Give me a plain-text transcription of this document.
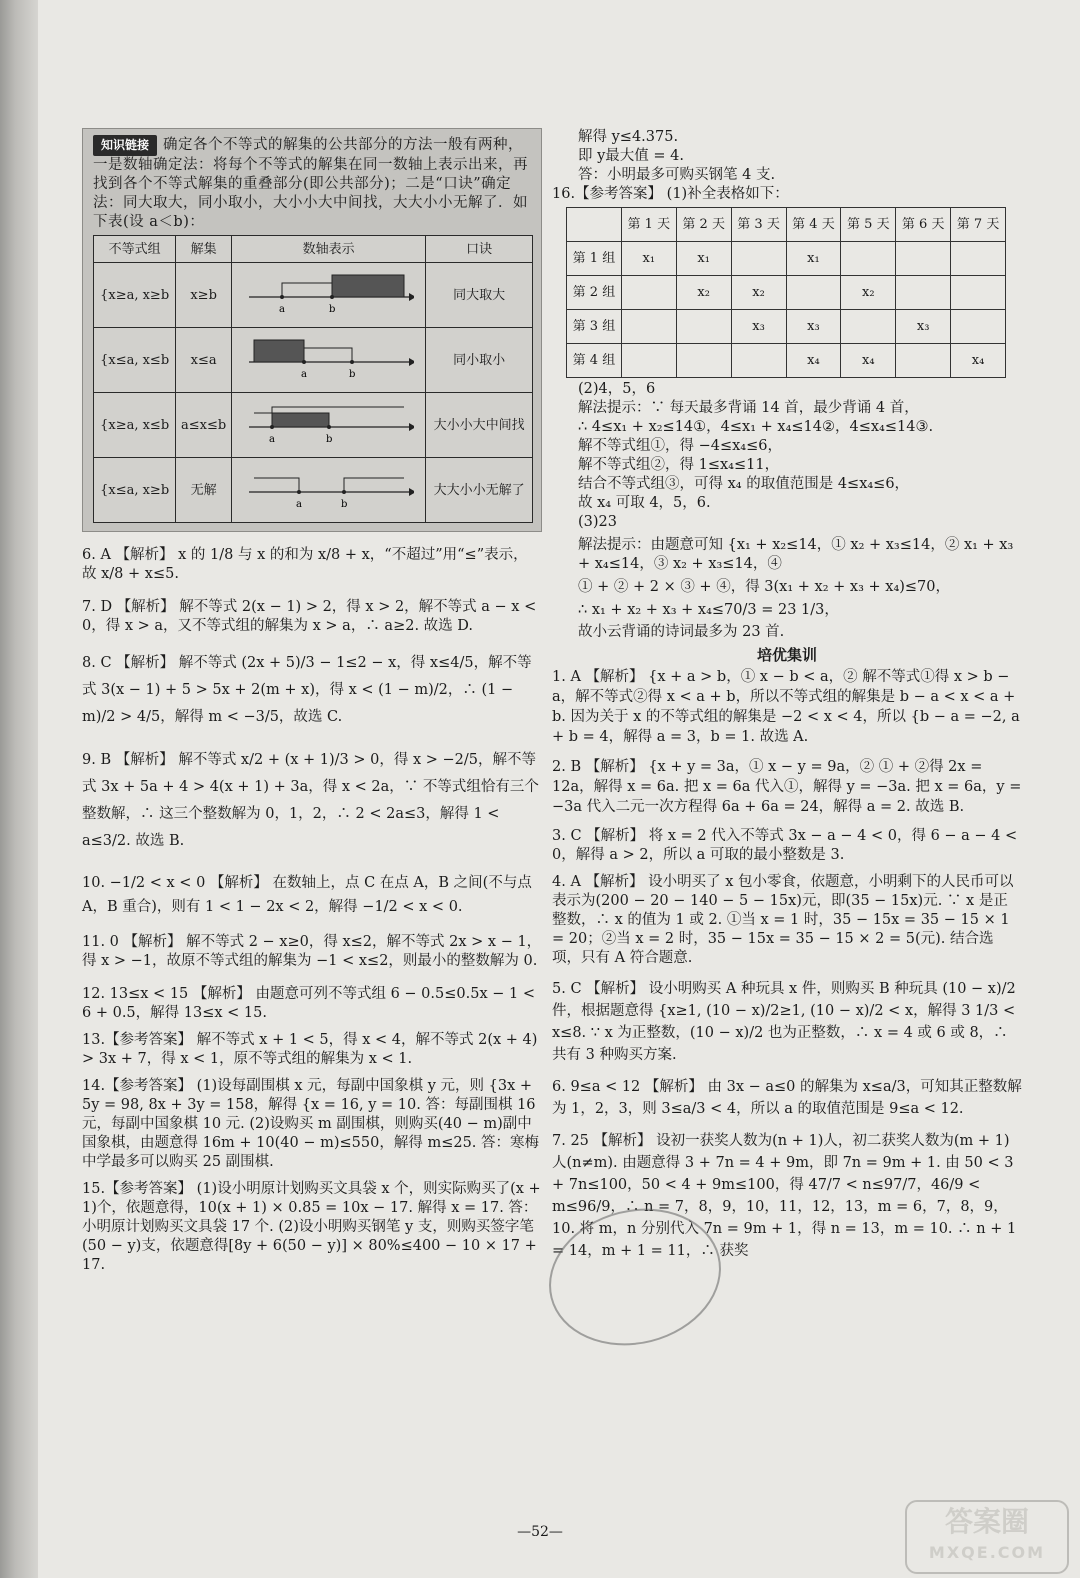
知识链接 确定各个不等式的解集的公共部分的方法一般有两种，一是数轴确定法：将每个不等式的解集在同一数轴上表示出来，再找到各个不等式解集的重叠部分(即公共部分)；二是“口诀”确定法：同大取大，同小取小，大小小大中间找，大大小小无解了．如下表(设 a＜b)：

不等式组	解集	数轴表示	口诀
{x≥a, x≥b	x≥b	a b	同大取大
{x≤a, x≤b	x≤a	a b	同小取小
{x≥a, x≤b	a≤x≤b	a b	大小小大中间找
{x≤a, x≥b	无解	a b	大大小小无解了

6. A 【解析】 x 的 1/8 与 x 的和为 x/8 + x，“不超过”用“≤”表示，故 x/8 + x≤5.

7. D 【解析】 解不等式 2(x − 1) > 2，得 x > 2，解不等式 a − x < 0，得 x > a，又不等式组的解集为 x > a，∴ a≥2. 故选 D.

8. C 【解析】 解不等式 (2x + 5)/3 − 1≤2 − x，得 x≤4/5，解不等式 3(x − 1) + 5 > 5x + 2(m + x)，得 x < (1 − m)/2，∴ (1 − m)/2 > 4/5，解得 m < −3/5，故选 C.

9. B 【解析】 解不等式 x/2 + (x + 1)/3 > 0，得 x > −2/5，解不等式 3x + 5a + 4 > 4(x + 1) + 3a，得 x < 2a，∵ 不等式组恰有三个整数解，∴ 这三个整数解为 0，1，2，∴ 2 < 2a≤3，解得 1 < a≤3/2. 故选 B.

10. −1/2 < x < 0 【解析】 在数轴上，点 C 在点 A，B 之间(不与点 A，B 重合)，则有 1 < 1 − 2x < 2，解得 −1/2 < x < 0.

11. 0 【解析】 解不等式 2 − x≥0，得 x≤2，解不等式 2x > x − 1，得 x > −1，故原不等式组的解集为 −1 < x≤2，则最小的整数解为 0.

12. 13≤x < 15 【解析】 由题意可列不等式组 6 − 0.5≤0.5x − 1 < 6 + 0.5，解得 13≤x < 15.

13.【参考答案】 解不等式 x + 1 < 5，得 x < 4，解不等式 2(x + 4) > 3x + 7，得 x < 1，原不等式组的解集为 x < 1.

14.【参考答案】 (1)设每副围棋 x 元，每副中国象棋 y 元，则 {3x + 5y = 98, 8x + 3y = 158，解得 {x = 16, y = 10. 答：每副围棋 16 元，每副中国象棋 10 元. (2)设购买 m 副围棋，则购买(40 − m)副中国象棋，由题意得 16m + 10(40 − m)≤550，解得 m≤25. 答：寒梅中学最多可以购买 25 副围棋.

15.【参考答案】 (1)设小明原计划购买文具袋 x 个，则实际购买了(x + 1)个，依题意得，10(x + 1) × 0.85 = 10x − 17. 解得 x = 17. 答：小明原计划购买文具袋 17 个. (2)设小明购买钢笔 y 支，则购买签字笔(50 − y)支，依题意得[8y + 6(50 − y)] × 80%≤400 − 10 × 17 + 17.

解得 y≤4.375.

即 y最大值 = 4.

答：小明最多可购买钢笔 4 支.

16.【参考答案】 (1)补全表格如下：

	第 1 天	第 2 天	第 3 天	第 4 天	第 5 天	第 6 天	第 7 天
第 1 组	x₁	x₁		x₁			
第 2 组		x₂	x₂		x₂		
第 3 组			x₃	x₃		x₃	
第 4 组				x₄	x₄		x₄

(2)4，5，6

解法提示：∵ 每天最多背诵 14 首，最少背诵 4 首，

∴ 4≤x₁ + x₂≤14①，4≤x₁ + x₄≤14②，4≤x₄≤14③.

解不等式组①，得 −4≤x₄≤6，

解不等式组②，得 1≤x₄≤11，

结合不等式组③，可得 x₄ 的取值范围是 4≤x₄≤6，

故 x₄ 可取 4，5，6.

(3)23

解法提示：由题意可知 {x₁ + x₂≤14，① x₂ + x₃≤14，② x₁ + x₃ + x₄≤14，③ x₂ + x₃≤14，④

① + ② + 2 × ③ + ④，得 3(x₁ + x₂ + x₃ + x₄)≤70，

∴ x₁ + x₂ + x₃ + x₄≤70/3 = 23 1/3，

故小云背诵的诗词最多为 23 首.

培优集训

1. A 【解析】 {x + a > b，① x − b < a，② 解不等式①得 x > b − a，解不等式②得 x < a + b，所以不等式组的解集是 b − a < x < a + b. 因为关于 x 的不等式组的解集是 −2 < x < 4，所以 {b − a = −2, a + b = 4，解得 a = 3，b = 1. 故选 A.

2. B 【解析】 {x + y = 3a，① x − y = 9a，② ① + ②得 2x = 12a，解得 x = 6a. 把 x = 6a 代入①，解得 y = −3a. 把 x = 6a，y = −3a 代入二元一次方程得 6a + 6a = 24，解得 a = 2. 故选 B.

3. C 【解析】 将 x = 2 代入不等式 3x − a − 4 < 0，得 6 − a − 4 < 0，解得 a > 2，所以 a 可取的最小整数是 3.

4. A 【解析】 设小明买了 x 包小零食，依题意，小明剩下的人民币可以表示为(200 − 20 − 140 − 5 − 15x)元，即(35 − 15x)元. ∵ x 是正整数，∴ x 的值为 1 或 2. ①当 x = 1 时，35 − 15x = 35 − 15 × 1 = 20；②当 x = 2 时，35 − 15x = 35 − 15 × 2 = 5(元). 结合选项，只有 A 符合题意.

5. C 【解析】 设小明购买 A 种玩具 x 件，则购买 B 种玩具 (10 − x)/2 件，根据题意得 {x≥1, (10 − x)/2≥1, (10 − x)/2 < x，解得 3 1/3 < x≤8. ∵ x 为正整数，(10 − x)/2 也为正整数，∴ x = 4 或 6 或 8，∴ 共有 3 种购买方案.

6. 9≤a < 12 【解析】 由 3x − a≤0 的解集为 x≤a/3，可知其正整数解为 1，2，3，则 3≤a/3 < 4，所以 a 的取值范围是 9≤a < 12.

7. 25 【解析】 设初一获奖人数为(n + 1)人，初二获奖人数为(m + 1)人(n≠m). 由题意得 3 + 7n = 4 + 9m，即 7n = 9m + 1. 由 50 < 3 + 7n≤100，50 < 4 + 9m≤100，得 47/7 < n≤97/7，46/9 < m≤96/9，∴ n = 7，8，9，10，11，12，13，m = 6，7，8，9，10. 将 m，n 分别代入 7n = 9m + 1，得 n = 13，m = 10. ∴ n + 1 = 14，m + 1 = 11，∴ 获奖

—52—	答案圈
MXQE.COM
